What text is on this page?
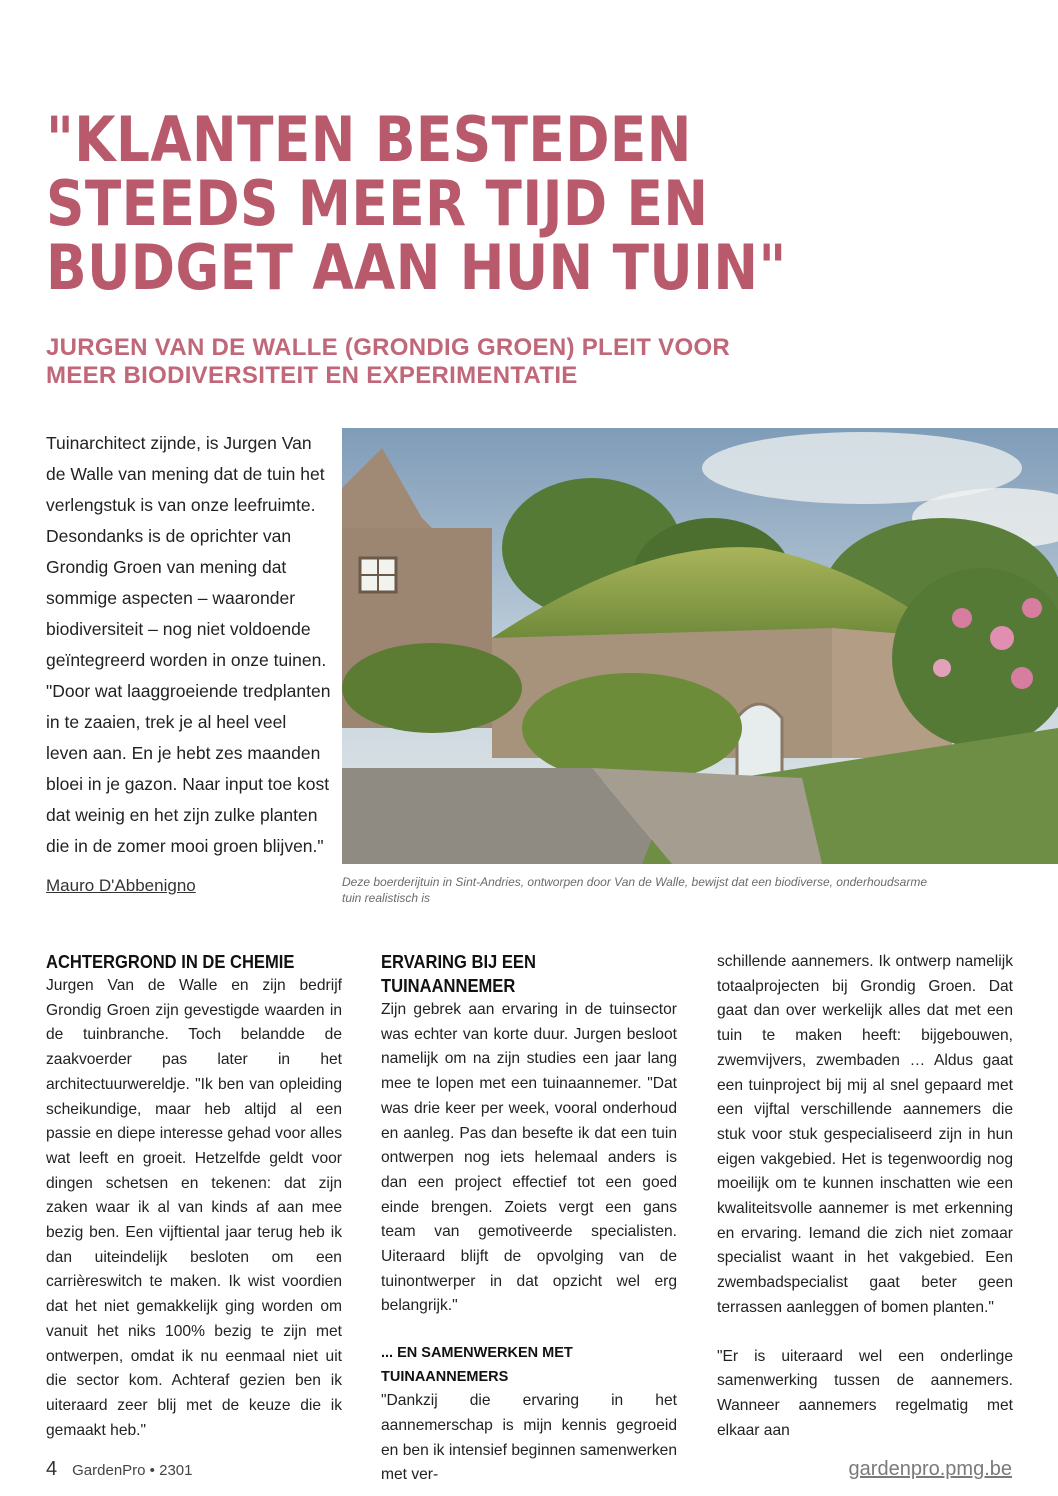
"KLANTEN BESTEDEN
STEEDS MEER TIJD EN
BUDGET AAN HUN TUIN"
JURGEN VAN DE WALLE (GRONDIG GROEN) PLEIT VOOR
MEER BIODIVERSITEIT EN EXPERIMENTATIE

Tuinarchitect zijnde, is Jurgen Van de Walle van mening dat de tuin het verlengstuk is van onze leefruimte. Desondanks is de oprichter van Grondig Groen van mening dat sommige aspecten – waaronder biodiversiteit – nog niet voldoende geïntegreerd worden in onze tuinen. "Door wat laaggroeiende tredplanten in te zaaien, trek je al heel veel leven aan. En je hebt zes maanden bloei in je gazon. Naar input toe kost dat weinig en het zijn zulke planten die in de zomer mooi groen blijven."

Mauro D'Abbenigno	Deze boerderijtuin in Sint-Andries, ontworpen door Van de Walle, bewijst dat een biodiverse, onderhoudsarme tuin realistisch is
ACHTERGROND IN DE CHEMIE

Jurgen Van de Walle en zijn bedrijf Grondig Groen zijn gevestigde waarden in de tuinbranche. Toch belandde de zaakvoerder pas later in het architectuurwereldje. "Ik ben van opleiding scheikundige, maar heb altijd al een passie en diepe interesse gehad voor alles wat leeft en groeit. Hetzelfde geldt voor dingen schetsen en tekenen: dat zijn zaken waar ik al van kinds af aan mee bezig ben. Een vijftiental jaar terug heb ik dan uiteindelijk besloten om een carrièreswitch te maken. Ik wist voordien dat het niet gemakkelijk ging worden om vanuit het niks 100% bezig te zijn met ontwerpen, omdat ik nu eenmaal niet uit die sector kom. Achteraf gezien ben ik uiteraard zeer blij met de keuze die ik gemaakt heb."

ERVARING BIJ EEN TUINAANNEMER

Zijn gebrek aan ervaring in de tuinsector was echter van korte duur. Jurgen besloot namelijk om na zijn studies een jaar lang mee te lopen met een tuinaannemer. "Dat was drie keer per week, vooral onderhoud en aanleg. Pas dan besefte ik dat een tuin ontwerpen nog iets helemaal anders is dan een project effectief tot een goed einde brengen. Zoiets vergt een gans team van gemotiveerde specialisten. Uiteraard blijft de opvolging van de tuinontwerper in dat opzicht wel erg belangrijk."

... EN SAMENWERKEN MET TUINAANNEMERS

"Dankzij die ervaring in het aannemerschap is mijn kennis gegroeid en ben ik intensief beginnen samenwerken met ver-

schillende aannemers. Ik ontwerp namelijk totaalprojecten bij Grondig Groen. Dat gaat dan over werkelijk alles dat met een tuin te maken heeft: bijgebouwen, zwemvijvers, zwembaden … Aldus gaat een tuinproject bij mij al snel gepaard met een vijftal verschillende aannemers die stuk voor stuk gespecialiseerd zijn in hun eigen vakgebied. Het is tegenwoordig nog moeilijk om te kunnen inschatten wie een kwaliteitsvolle aannemer is met erkenning en ervaring. Iemand die zich niet zomaar specialist waant in het vakgebied. Een zwembadspecialist gaat beter geen terrassen aanleggen of bomen planten."

"Er is uiteraard wel een onderlinge samenwerking tussen de aannemers. Wanneer aannemers regelmatig met elkaar aan

4 GardenPro • 2301	gardenpro.pmg.be
